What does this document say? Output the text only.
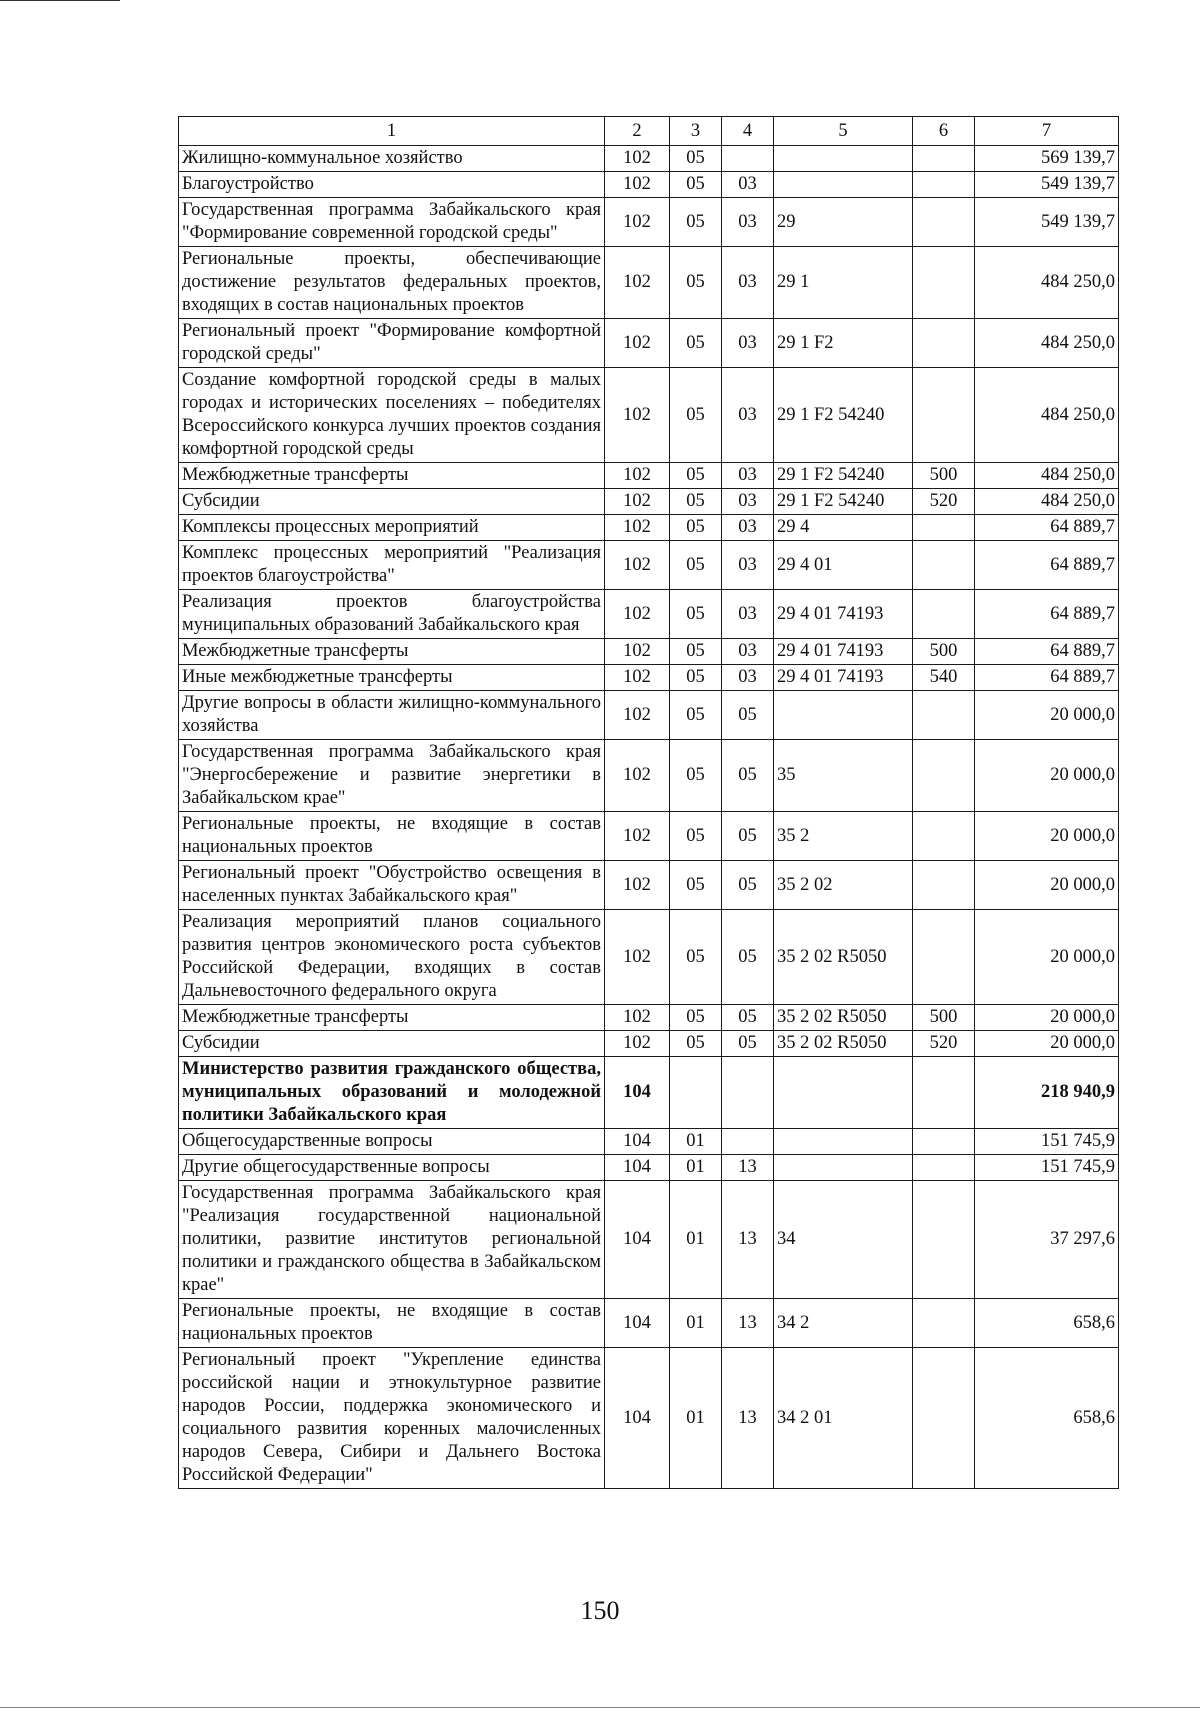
1	2	3	4	5	6	7
Жилищно-коммунальное хозяйство	102	05				569 139,7
Благоустройство	102	05	03			549 139,7
Государственная программа Забайкальского края "Формирование современной городской среды"	102	05	03	29		549 139,7
Региональные проекты, обеспечивающие достижение результатов федеральных проектов, входящих в состав национальных проектов	102	05	03	29 1		484 250,0
Региональный проект "Формирование комфортной городской среды"	102	05	03	29 1 F2		484 250,0
Создание комфортной городской среды в малых городах и исторических поселениях – победителях Всероссийского конкурса лучших проектов создания комфортной городской среды	102	05	03	29 1 F2 54240		484 250,0
Межбюджетные трансферты	102	05	03	29 1 F2 54240	500	484 250,0
Субсидии	102	05	03	29 1 F2 54240	520	484 250,0
Комплексы процессных мероприятий	102	05	03	29 4		64 889,7
Комплекс процессных мероприятий "Реализация проектов благоустройства"	102	05	03	29 4 01		64 889,7
Реализация проектов благоустройства муниципальных образований Забайкальского края	102	05	03	29 4 01 74193		64 889,7
Межбюджетные трансферты	102	05	03	29 4 01 74193	500	64 889,7
Иные межбюджетные трансферты	102	05	03	29 4 01 74193	540	64 889,7
Другие вопросы в области жилищно-коммунального хозяйства	102	05	05			20 000,0
Государственная программа Забайкальского края "Энергосбережение и развитие энергетики в Забайкальском крае"	102	05	05	35		20 000,0
Региональные проекты, не входящие в состав национальных проектов	102	05	05	35 2		20 000,0
Региональный проект "Обустройство освещения в населенных пунктах Забайкальского края"	102	05	05	35 2 02		20 000,0
Реализация мероприятий планов социального развития центров экономического роста субъектов Российской Федерации, входящих в состав Дальневосточного федерального округа	102	05	05	35 2 02 R5050		20 000,0
Межбюджетные трансферты	102	05	05	35 2 02 R5050	500	20 000,0
Субсидии	102	05	05	35 2 02 R5050	520	20 000,0
Министерство развития гражданского общества, муниципальных образований и молодежной политики Забайкальского края	104					218 940,9
Общегосударственные вопросы	104	01				151 745,9
Другие общегосударственные вопросы	104	01	13			151 745,9
Государственная программа Забайкальского края "Реализация государственной национальной политики, развитие институтов региональной политики и гражданского общества в Забайкальском крае"	104	01	13	34		37 297,6
Региональные проекты, не входящие в состав национальных проектов	104	01	13	34 2		658,6
Региональный проект "Укрепление единства российской нации и этнокультурное развитие народов России, поддержка экономического и социального развития коренных малочисленных народов Севера, Сибири и Дальнего Востока Российской Федерации"	104	01	13	34 2 01		658,6
150
